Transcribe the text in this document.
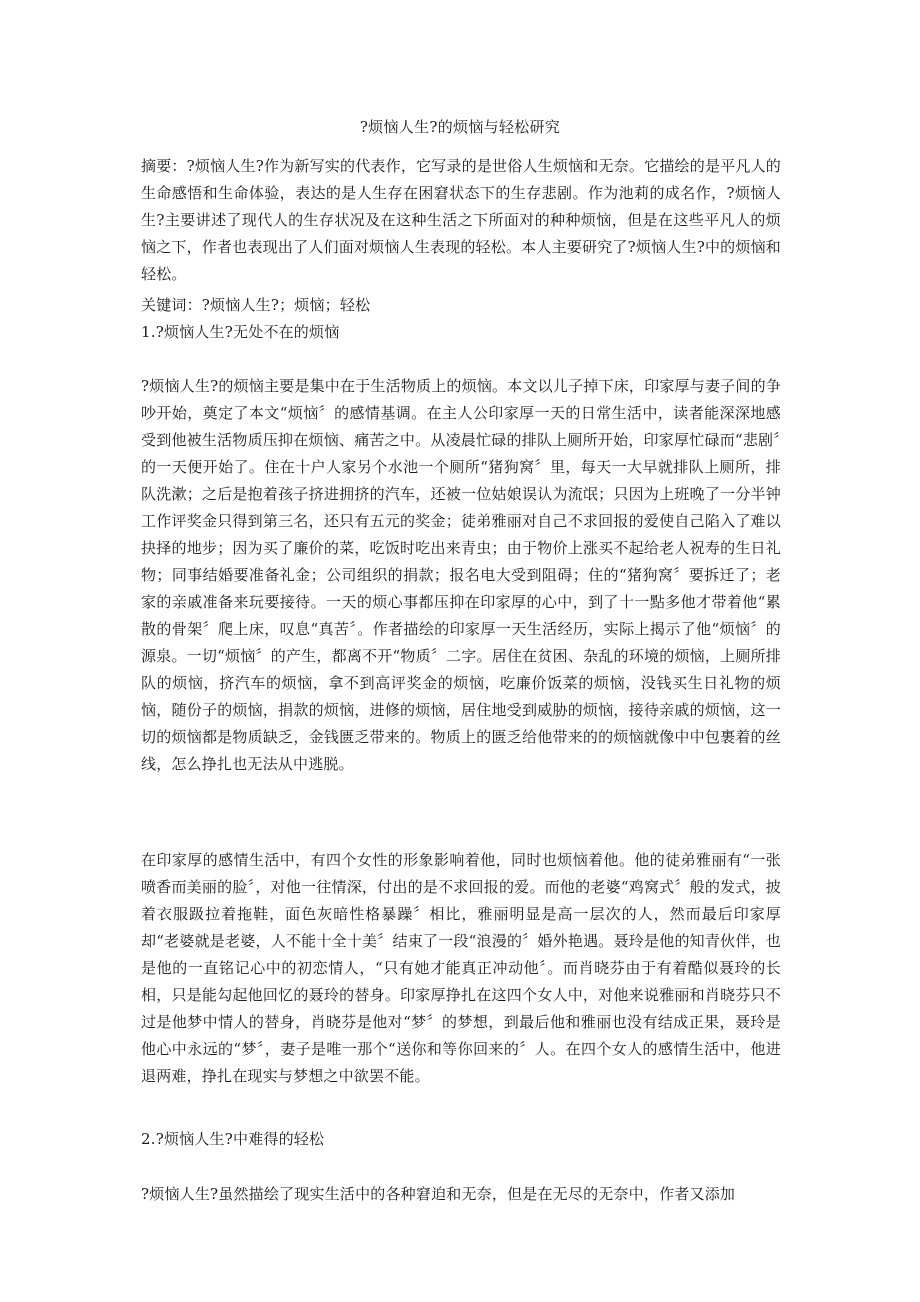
?烦恼人生?的烦恼与轻松研究

摘要：?烦恼人生?作为新写实的代表作，它写录的是世俗人生烦恼和无奈。它描绘的是平凡人的生命感悟和生命体验，表达的是人生存在困窘状态下的生存悲剧。作为池莉的成名作，?烦恼人生?主要讲述了现代人的生存状况及在这种生活之下所面对的种种烦恼，但是在这些平凡人的烦恼之下，作者也表现出了人们面对烦恼人生表现的轻松。本人主要研究了?烦恼人生?中的烦恼和轻松。

关键词：?烦恼人生?；烦恼；轻松

1.?烦恼人生?无处不在的烦恼

?烦恼人生?的烦恼主要是集中在于生活物质上的烦恼。本文以儿子掉下床，印家厚与妻子间的争吵开始，奠定了本文“烦恼〞的感情基调。在主人公印家厚一天的日常生活中，读者能深深地感受到他被生活物质压抑在烦恼、痛苦之中。从凌晨忙碌的排队上厕所开始，印家厚忙碌而“悲剧〞的一天便开始了。住在十户人家另个水池一个厕所“猪狗窝〞里，每天一大早就排队上厕所，排队洗漱；之后是抱着孩子挤进拥挤的汽车，还被一位姑娘误认为流氓；只因为上班晚了一分半钟工作评奖金只得到第三名，还只有五元的奖金；徒弟雅丽对自己不求回报的爱使自己陷入了难以抉择的地步；因为买了廉价的菜，吃饭时吃出来青虫；由于物价上涨买不起给老人祝寿的生日礼物；同事结婚要准备礼金；公司组织的捐款；报名电大受到阻碍；住的“猪狗窝〞要拆迁了；老家的亲戚准备来玩要接待。一天的烦心事都压抑在印家厚的心中，到了十一點多他才带着他“累散的骨架〞爬上床，叹息“真苦〞。作者描绘的印家厚一天生活经历，实际上揭示了他“烦恼〞的源泉。一切“烦恼〞的产生，都离不开“物质〞二字。居住在贫困、杂乱的环境的烦恼，上厕所排队的烦恼，挤汽车的烦恼，拿不到高评奖金的烦恼，吃廉价饭菜的烦恼，没钱买生日礼物的烦恼，随份子的烦恼，捐款的烦恼，进修的烦恼，居住地受到威胁的烦恼，接待亲戚的烦恼，这一切的烦恼都是物质缺乏，金钱匮乏带来的。物质上的匮乏给他带来的的烦恼就像中中包裹着的丝线，怎么挣扎也无法从中逃脱。

在印家厚的感情生活中，有四个女性的形象影响着他，同时也烦恼着他。他的徒弟雅丽有“一张喷香而美丽的脸〞，对他一往情深，付出的是不求回报的爱。而他的老婆“鸡窝式〞般的发式，披着衣服趿拉着拖鞋，面色灰暗性格暴躁〞相比，雅丽明显是高一层次的人，然而最后印家厚却“老婆就是老婆，人不能十全十美〞结束了一段“浪漫的〞婚外艳遇。聂玲是他的知青伙伴，也是他的一直铭记心中的初恋情人，“只有她才能真正冲动他〞。而肖晓芬由于有着酷似聂玲的长相，只是能勾起他回忆的聂玲的替身。印家厚挣扎在这四个女人中，对他来说雅丽和肖晓芬只不过是他梦中情人的替身，肖晓芬是他对“梦〞的梦想，到最后他和雅丽也没有结成正果，聂玲是他心中永远的“梦〞，妻子是唯一那个“送你和等你回来的〞人。在四个女人的感情生活中，他进退两难，挣扎在现实与梦想之中欲罢不能。

2.?烦恼人生?中难得的轻松

?烦恼人生?虽然描绘了现实生活中的各种窘迫和无奈，但是在无尽的无奈中，作者又添加
